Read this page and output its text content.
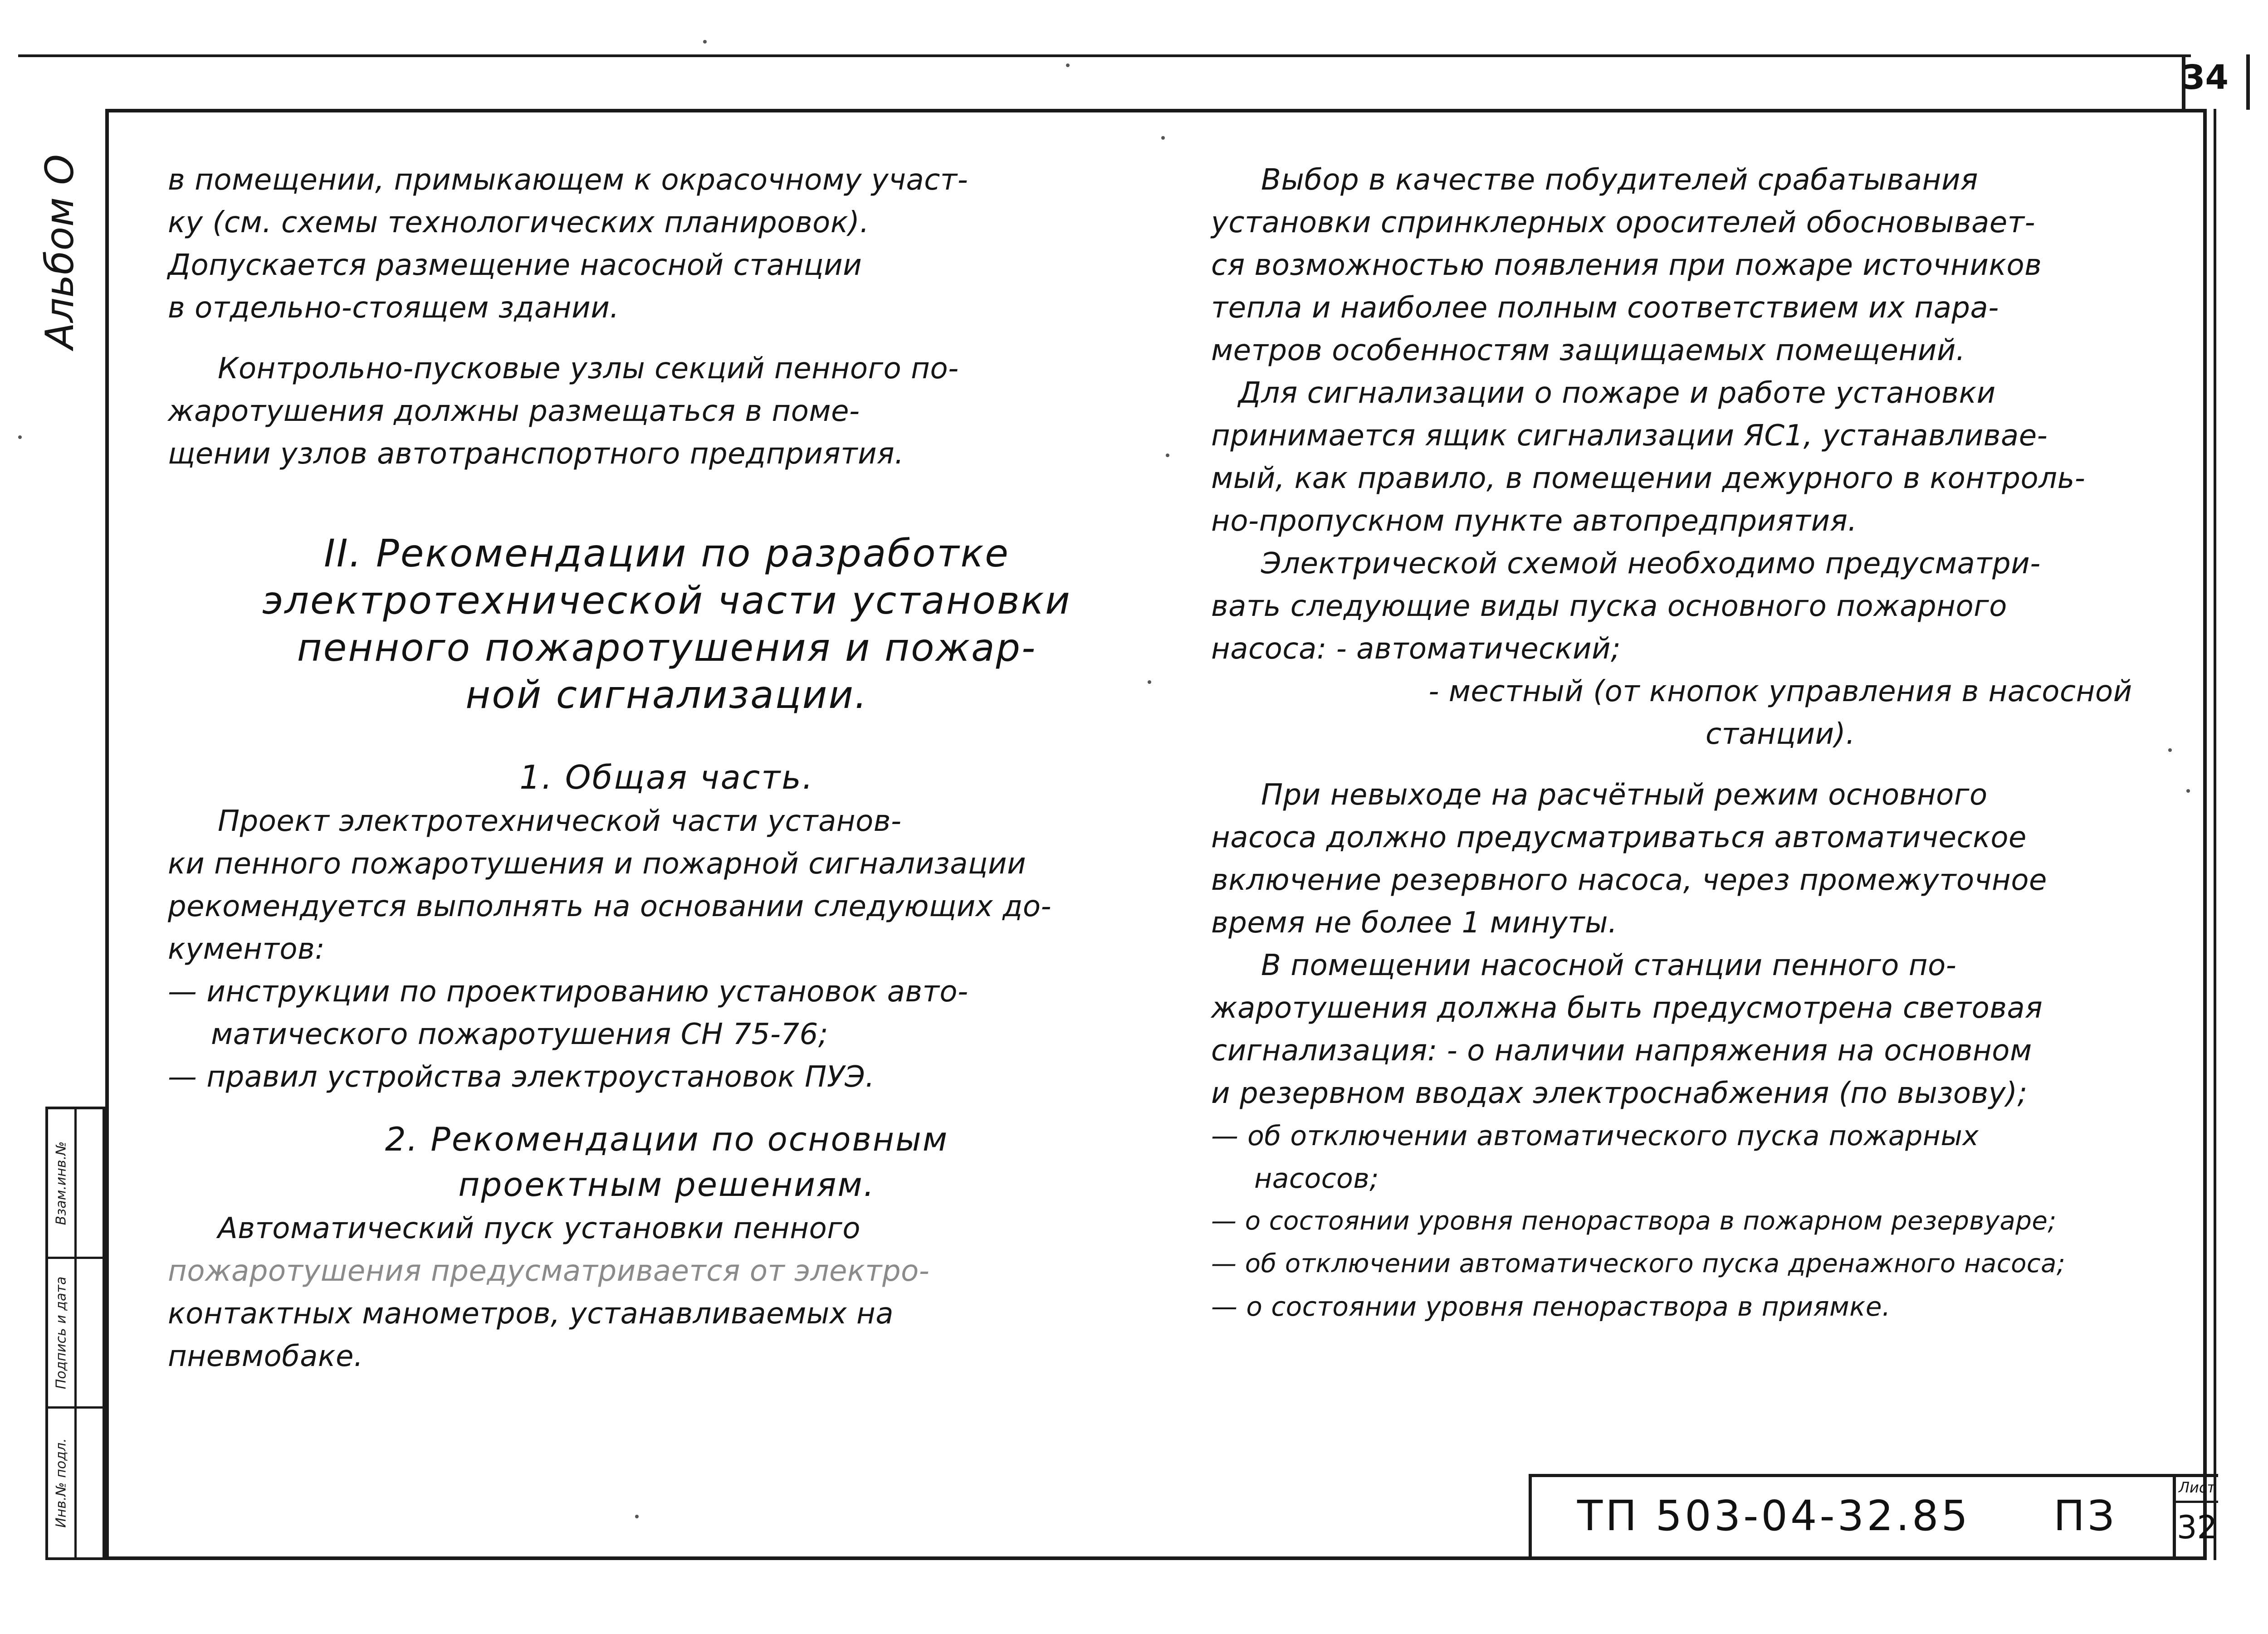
34
Альбом О
Взам.инв.№
Подпись и дата
Инв.№ подл.
в помещении, примыкающем к окрасочному участ-
ку (см. схемы технологических планировок).
Допускается размещение насосной станции
в отдельно-стоящем здании.
Контрольно-пусковые узлы секций пенного по-
жаротушения должны размещаться в поме-
щении узлов автотранспортного предприятия.
II. Рекомендации по разработке
электротехнической части установки
пенного пожаротушения и пожар-
ной сигнализации.
1. Общая часть.
Проект электротехнической части установ-
ки пенного пожаротушения и пожарной сигнализации
рекомендуется выполнять на основании следующих до-
кументов:
— инструкции по проектированию установок авто-
матического пожаротушения СН 75-76;
— правил устройства электроустановок ПУЭ.
2. Рекомендации по основным
проектным решениям.
Автоматический пуск установки пенного
пожаротушения предусматривается от электро-
контактных манометров, устанавливаемых на
пневмобаке.
Выбор в качестве побудителей срабатывания
установки спринклерных оросителей обосновывает-
ся возможностью появления при пожаре источников
тепла и наиболее полным соответствием их пара-
метров особенностям защищаемых помещений.
Для сигнализации о пожаре и работе установки
принимается ящик сигнализации ЯС1, устанавливае-
мый, как правило, в помещении дежурного в контроль-
но-пропускном пункте автопредприятия.
Электрической схемой необходимо предусматри-
вать следующие виды пуска основного пожарного
насоса: - автоматический;
- местный (от кнопок управления в насосной
станции).
При невыходе на расчётный режим основного
насоса должно предусматриваться автоматическое
включение резервного насоса, через промежуточное
время не более 1 минуты.
В помещении насосной станции пенного по-
жаротушения должна быть предусмотрена световая
сигнализация: - о наличии напряжения на основном
и резервном вводах электроснабжения (по вызову);
— об отключении автоматического пуска пожарных
насосов;
— о состоянии уровня пенораствора в пожарном резервуаре;
— об отключении автоматического пуска дренажного насоса;
— о состоянии уровня пенораствора в приямке.
ТП 503-04-32.85 ПЗ
Лист
32
